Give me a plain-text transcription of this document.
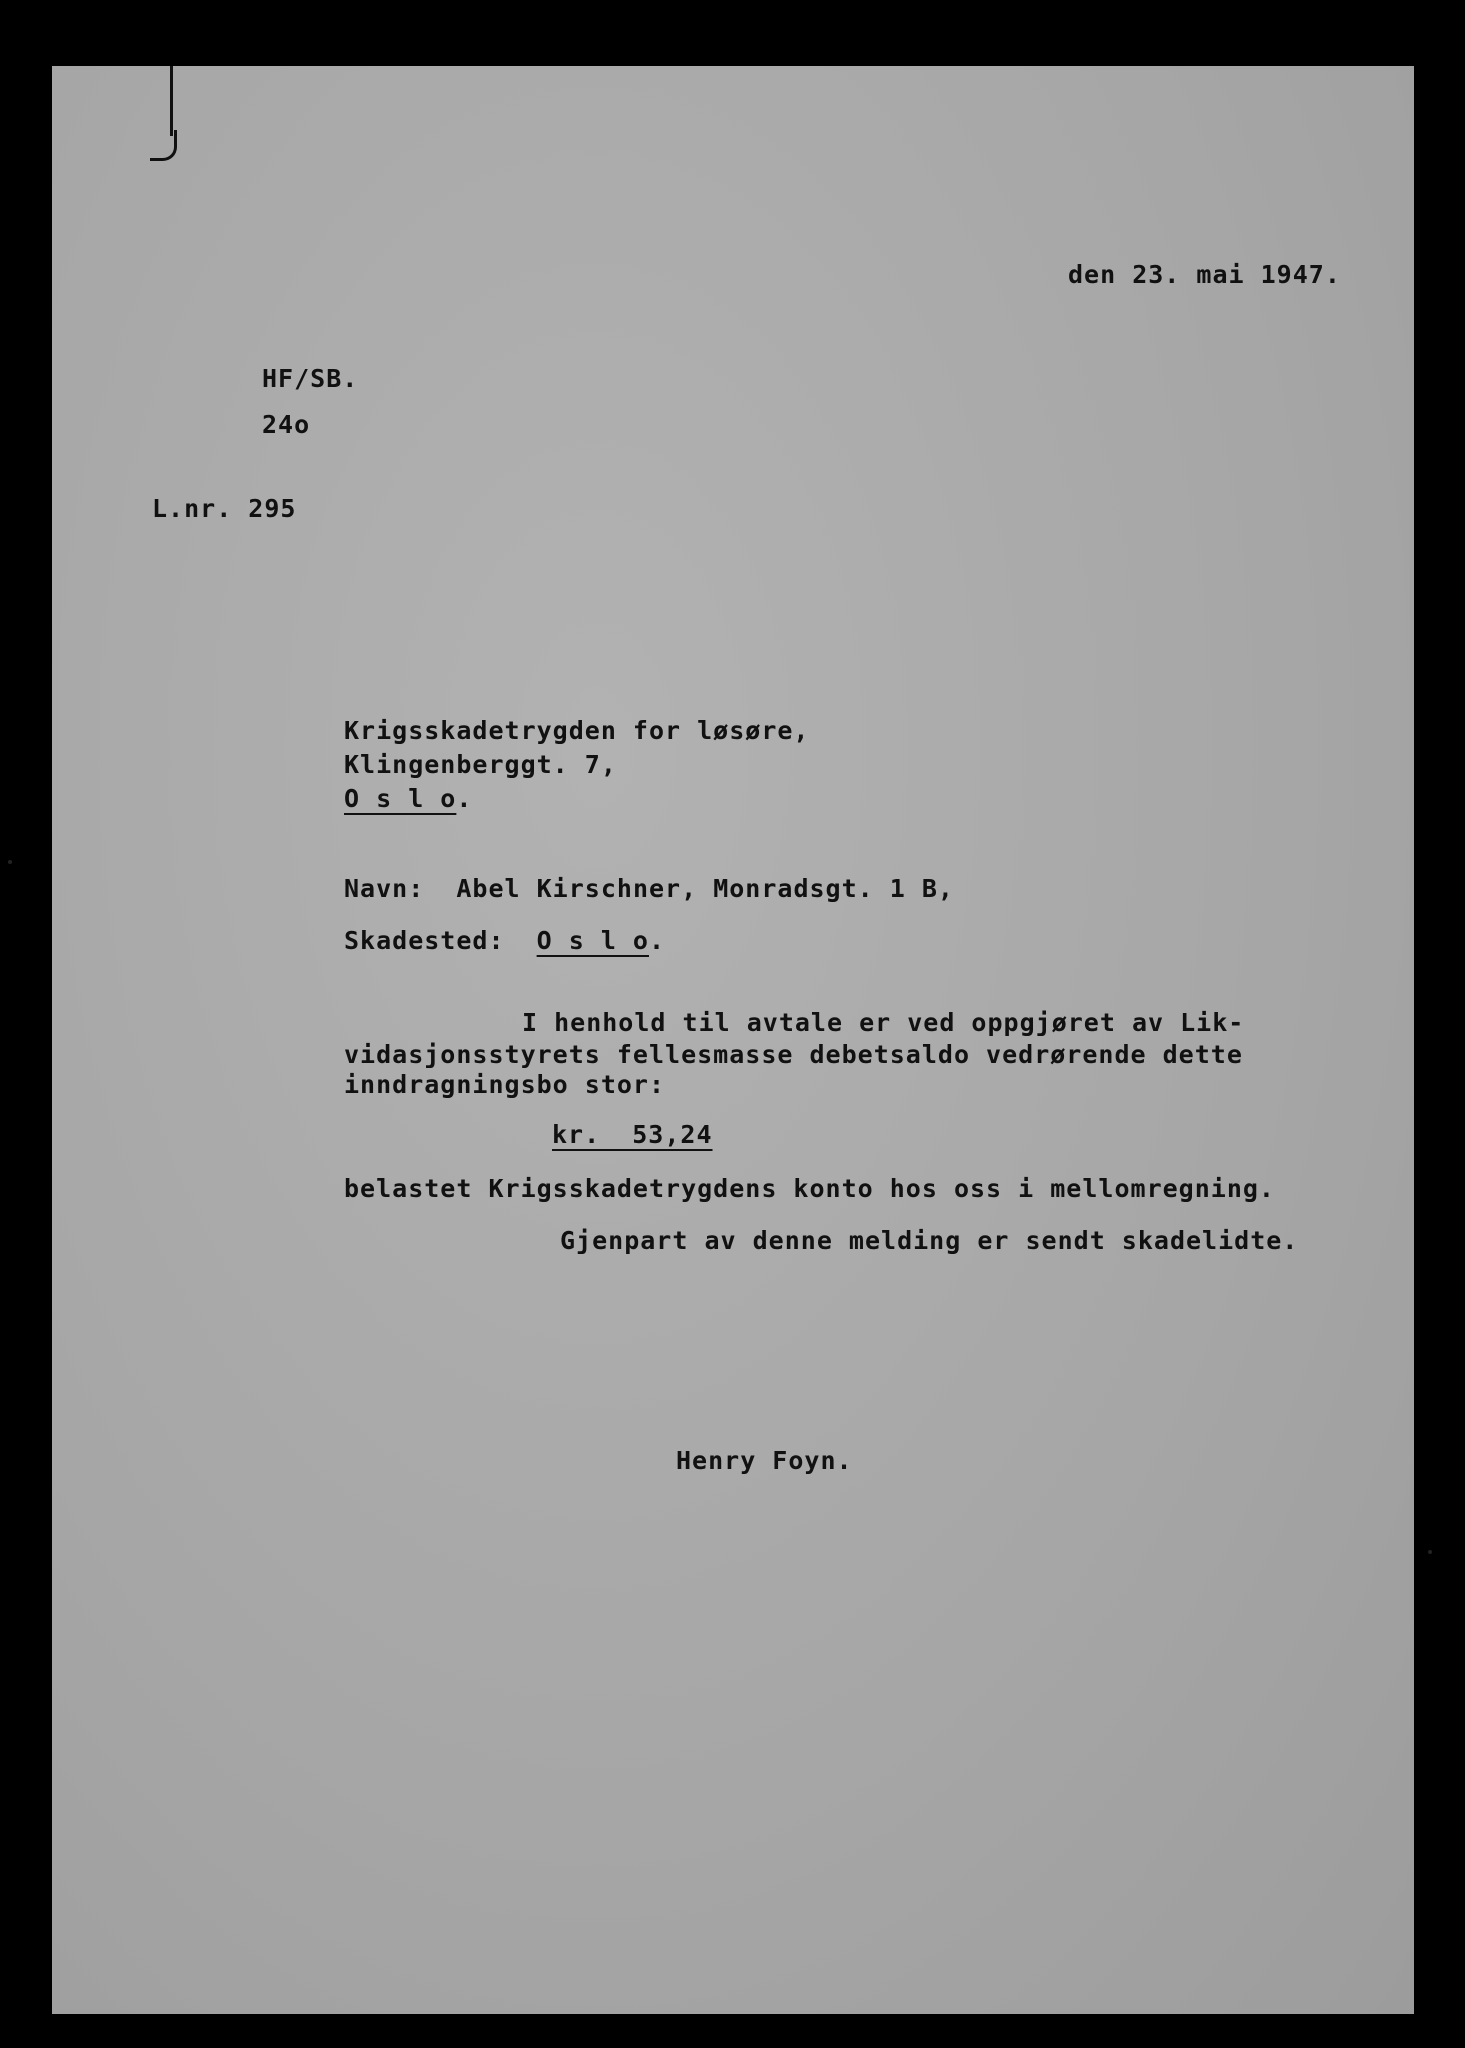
den 23. mai 1947.
HF/SB.
24o
L.nr. 295
Krigsskadetrygden for løsøre,
Klingenberggt. 7,
O s l o.
Navn: Abel Kirschner, Monradsgt. 1 B,
Skadested: O s l o.
I henhold til avtale er ved oppgjøret av Lik-
vidasjonsstyrets fellesmasse debetsaldo vedrørende dette
inndragningsbo stor:
kr.  53,24
belastet Krigsskadetrygdens konto hos oss i mellomregning.
Gjenpart av denne melding er sendt skadelidte.
Henry Foyn.
